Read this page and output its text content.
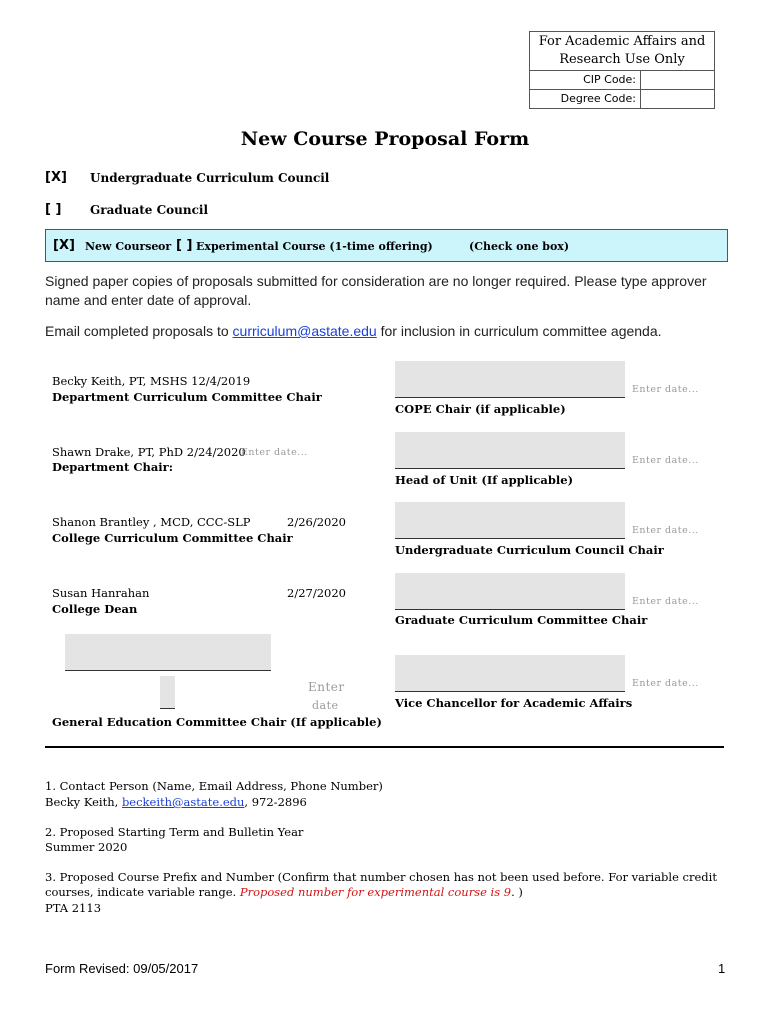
For Academic Affairs and Research Use Only
CIP Code:
Degree Code:
New Course Proposal Form
[X] Undergraduate Curriculum Council
[ ] Graduate Council
[X] New Course or [ ] Experimental Course (1-time offering)	(Check one box)
Signed paper copies of proposals submitted for consideration are no longer required. Please type approver name and enter date of approval.
Email completed proposals to curriculum@astate.edu for inclusion in curriculum committee agenda.
Becky Keith, PT, MSHS 12/4/2019
Department Curriculum Committee Chair
Shawn Drake, PT, PhD 2/24/2020
Enter date...
Department Chair:
Shanon Brantley , MCD, CCC-SLP	2/26/2020
College Curriculum Committee Chair
Susan Hanrahan	2/27/2020
College Dean
Enter
date
General Education Committee Chair (If applicable)
Enter date...
COPE Chair (if applicable)
Enter date...
Head of Unit (If applicable)
Enter date...
Undergraduate Curriculum Council Chair
Enter date...
Graduate Curriculum Committee Chair
Enter date...
Vice Chancellor for Academic Affairs
1. Contact Person (Name, Email Address, Phone Number)
Becky Keith, beckeith@astate.edu, 972-2896
2. Proposed Starting Term and Bulletin Year
Summer 2020
3. Proposed Course Prefix and Number (Confirm that number chosen has not been used before. For variable credit courses, indicate variable range. Proposed number for experimental course is 9. )
PTA 2113
Form Revised: 09/05/2017	1
